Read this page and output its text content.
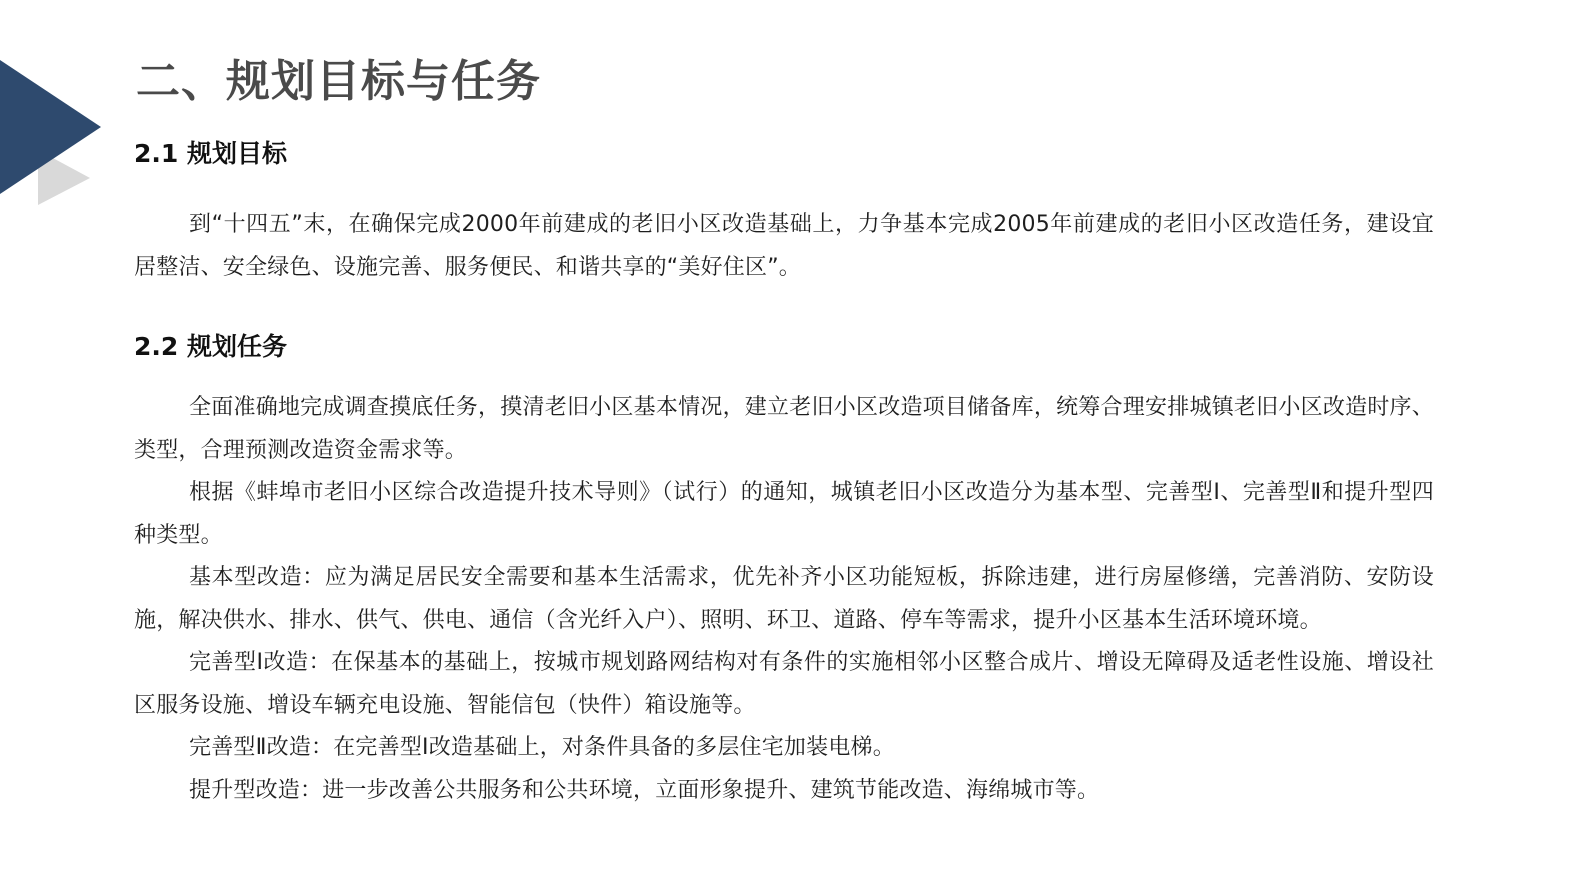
二、规划目标与任务
2.1 规划目标

到“十四五”末，在确保完成2000年前建成的老旧小区改造基础上，力争基本完成2005年前建成的老旧小区改造任务，建设宜居整洁、安全绿色、设施完善、服务便民、和谐共享的“美好住区”。

2.2 规划任务

全面准确地完成调查摸底任务，摸清老旧小区基本情况，建立老旧小区改造项目储备库，统筹合理安排城镇老旧小区改造时序、类型，合理预测改造资金需求等。

根据《蚌埠市老旧小区综合改造提升技术导则》（试行）的通知，城镇老旧小区改造分为基本型、完善型Ⅰ、完善型Ⅱ和提升型四种类型。

基本型改造：应为满足居民安全需要和基本生活需求，优先补齐小区功能短板，拆除违建，进行房屋修缮，完善消防、安防设施，解决供水、排水、供气、供电、通信（含光纤入户）、照明、环卫、道路、停车等需求，提升小区基本生活环境环境。

完善型Ⅰ改造：在保基本的基础上，按城市规划路网结构对有条件的实施相邻小区整合成片、增设无障碍及适老性设施、增设社区服务设施、增设车辆充电设施、智能信包（快件）箱设施等。

完善型Ⅱ改造：在完善型Ⅰ改造基础上，对条件具备的多层住宅加装电梯。

提升型改造：进一步改善公共服务和公共环境，立面形象提升、建筑节能改造、海绵城市等。
